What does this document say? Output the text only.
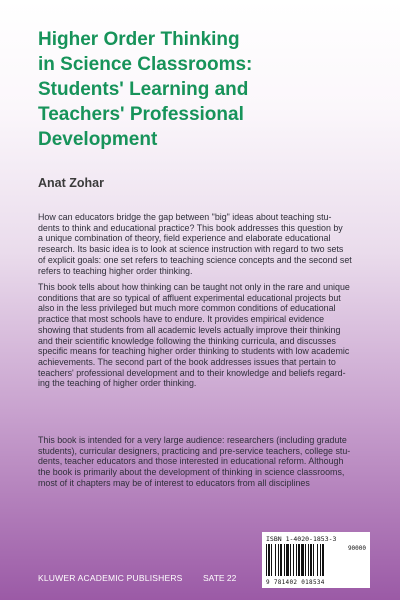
Higher Order Thinking
in Science Classrooms:
Students' Learning and
Teachers' Professional
Development
Anat Zohar

How can educators bridge the gap between "big" ideas about teaching stu-
dents to think and educational practice? This book addresses this question by
a unique combination of theory, field experience and elaborate educational
research. Its basic idea is to look at science instruction with regard to two sets
of explicit goals: one set refers to teaching science concepts and the second set
refers to teaching higher order thinking.

This book tells about how thinking can be taught not only in the rare and unique
conditions that are so typical of affluent experimental educational projects but
also in the less privileged but much more common conditions of educational
practice that most schools have to endure. It provides empirical evidence
showing that students from all academic levels actually improve their thinking
and their scientific knowledge following the thinking curricula, and discusses
specific means for teaching higher order thinking to students with low academic
achievements. The second part of the book addresses issues that pertain to
teachers' professional development and to their knowledge and beliefs regard-
ing the teaching of higher order thinking.

This book is intended for a very large audience: researchers (including gradute
students), curricular designers, practicing and pre-service teachers, college stu-
dents, teacher educators and those interested in educational reform. Although
the book is primarily about the development of thinking in science classrooms,
most of it chapters may be of interest to educators from all disciplines

ISBN 1-4020-1853-3
90000
9 781402 018534
KLUWER ACADEMIC PUBLISHERS SATE 22
